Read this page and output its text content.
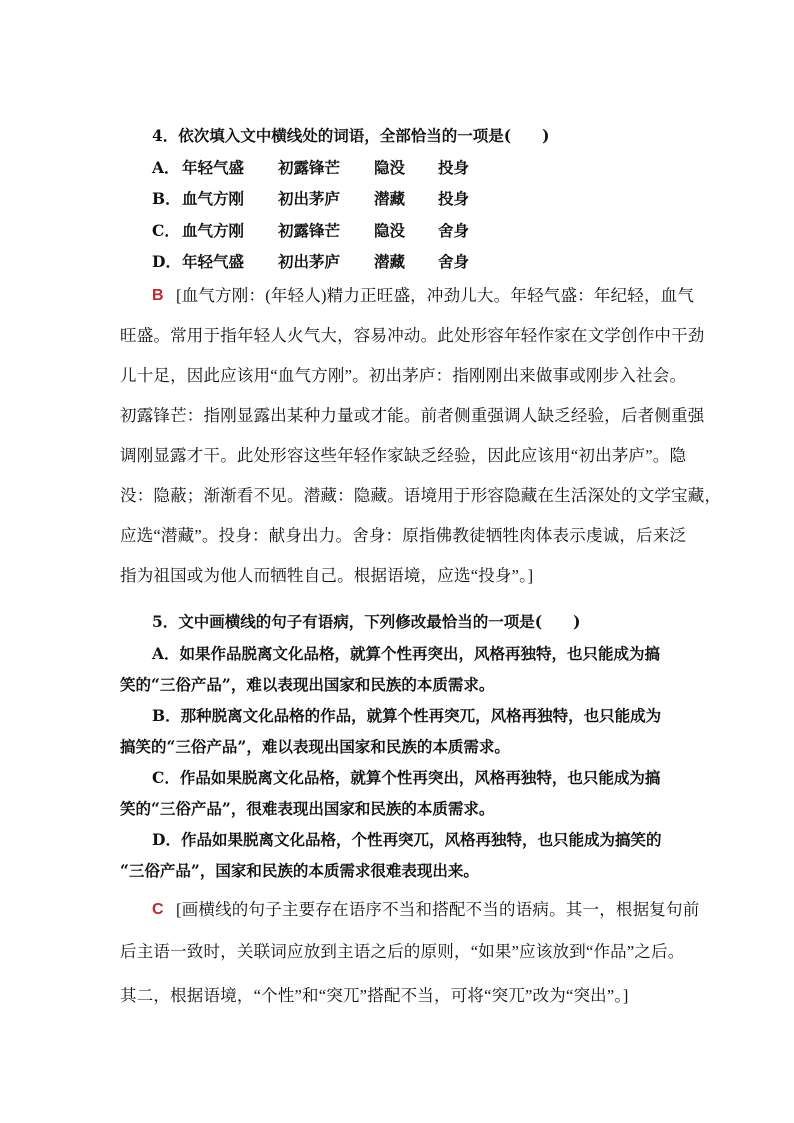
4．依次填入文中横线处的词语，全部恰当的一项是(　　)
A． 年轻气盛 初露锋芒 隐没 投身
B． 血气方刚 初出茅庐 潜藏 投身
C． 血气方刚 初露锋芒 隐没 舍身
D． 年轻气盛 初出茅庐 潜藏 舍身
B [血气方刚：(年轻人)精力正旺盛，冲劲儿大。年轻气盛：年纪轻，血气
旺盛。常用于指年轻人火气大，容易冲动。此处形容年轻作家在文学创作中干劲
儿十足，因此应该用“血气方刚”。初出茅庐：指刚刚出来做事或刚步入社会。
初露锋芒：指刚显露出某种力量或才能。前者侧重强调人缺乏经验，后者侧重强
调刚显露才干。此处形容这些年轻作家缺乏经验，因此应该用“初出茅庐”。隐
没：隐蔽；渐渐看不见。潜藏：隐藏。语境用于形容隐藏在生活深处的文学宝藏，
应选“潜藏”。投身：献身出力。舍身：原指佛教徒牺牲肉体表示虔诚，后来泛
指为祖国或为他人而牺牲自己。根据语境，应选“投身”。]
5．文中画横线的句子有语病，下列修改最恰当的一项是(　　)
A．如果作品脱离文化品格，就算个性再突出，风格再独特，也只能成为搞
笑的“三俗产品”，难以表现出国家和民族的本质需求。
B．那种脱离文化品格的作品，就算个性再突兀，风格再独特，也只能成为
搞笑的“三俗产品”，难以表现出国家和民族的本质需求。
C．作品如果脱离文化品格，就算个性再突出，风格再独特，也只能成为搞
笑的“三俗产品”，很难表现出国家和民族的本质需求。
D．作品如果脱离文化品格，个性再突兀，风格再独特，也只能成为搞笑的
“三俗产品”，国家和民族的本质需求很难表现出来。
C [画横线的句子主要存在语序不当和搭配不当的语病。其一，根据复句前
后主语一致时，关联词应放到主语之后的原则，“如果”应该放到“作品”之后。
其二，根据语境，“个性”和“突兀”搭配不当，可将“突兀”改为“突出”。]
